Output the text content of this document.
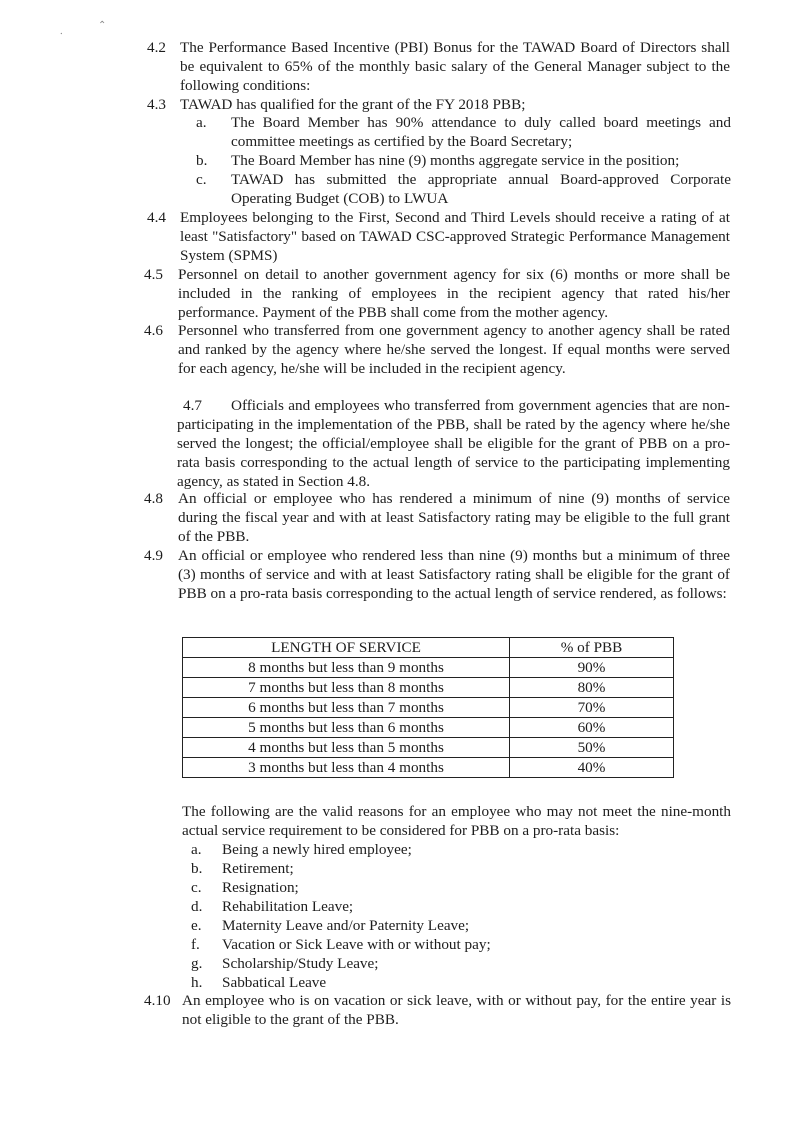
⸱
⌃
4.2 The Performance Based Incentive (PBI) Bonus for the TAWAD Board of Directors shall be equivalent to 65% of the monthly basic salary of the General Manager subject to the following conditions:
4.3 TAWAD has qualified for the grant of the FY 2018 PBB;
a. The Board Member has 90% attendance to duly called board meetings and committee meetings as certified by the Board Secretary;
b. The Board Member has nine (9) months aggregate service in the position;
c. TAWAD has submitted the appropriate annual Board-approved Corporate Operating Budget (COB) to LWUA
4.4 Employees belonging to the First, Second and Third Levels should receive a rating of at least "Satisfactory" based on TAWAD CSC-approved Strategic Performance Management System (SPMS)
4.5 Personnel on detail to another government agency for six (6) months or more shall be included in the ranking of employees in the recipient agency that rated his/her performance. Payment of the PBB shall come from the mother agency.
4.6 Personnel who transferred from one government agency to another agency shall be rated and ranked by the agency where he/she served the longest. If equal months were served for each agency, he/she will be included in the recipient agency.
4.7 Officials and employees who transferred from government agencies that are non-participating in the implementation of the PBB, shall be rated by the agency where he/she served the longest; the official/employee shall be eligible for the grant of PBB on a pro-rata basis corresponding to the actual length of service to the participating implementing agency, as stated in Section 4.8.
4.8 An official or employee who has rendered a minimum of nine (9) months of service during the fiscal year and with at least Satisfactory rating may be eligible to the full grant of the PBB.
4.9 An official or employee who rendered less than nine (9) months but a minimum of three (3) months of service and with at least Satisfactory rating shall be eligible for the grant of PBB on a pro-rata basis corresponding to the actual length of service rendered, as follows:
LENGTH OF SERVICE	% of PBB
8 months but less than 9 months	90%
7 months but less than 8 months	80%
6 months but less than 7 months	70%
5 months but less than 6 months	60%
4 months but less than 5 months	50%
3 months but less than 4 months	40%
The following are the valid reasons for an employee who may not meet the nine-month actual service requirement to be considered for PBB on a pro-rata basis:
a. Being a newly hired employee;
b. Retirement;
c. Resignation;
d. Rehabilitation Leave;
e. Maternity Leave and/or Paternity Leave;
f. Vacation or Sick Leave with or without pay;
g. Scholarship/Study Leave;
h. Sabbatical Leave
4.10 An employee who is on vacation or sick leave, with or without pay, for the entire year is not eligible to the grant of the PBB.
